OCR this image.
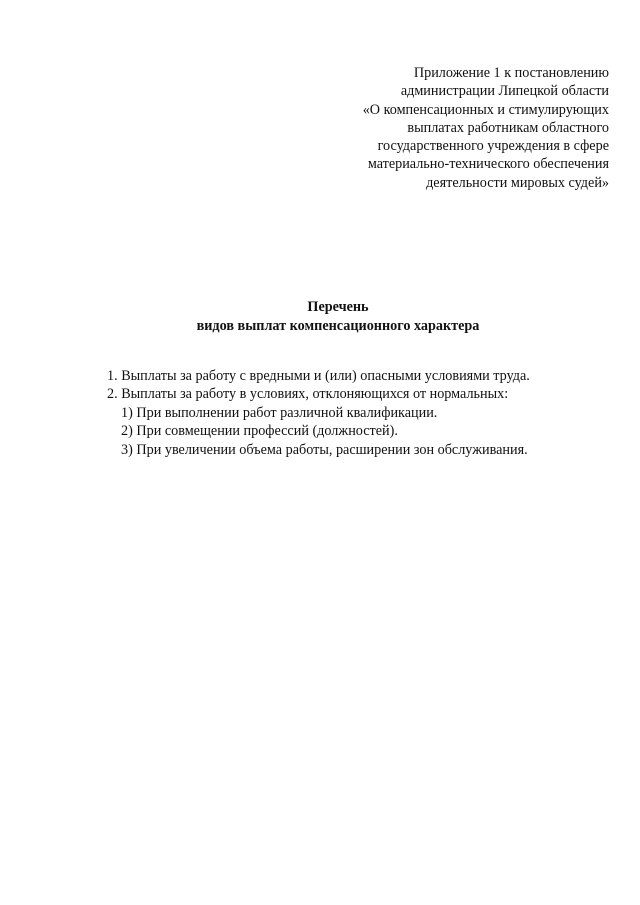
Приложение 1 к постановлению
администрации Липецкой области
«О компенсационных и стимулирующих
выплатах работникам областного
государственного учреждения в сфере
материально-технического обеспечения
деятельности мировых судей»
Перечень
видов выплат компенсационного характера
1. Выплаты за работу с вредными и (или) опасными условиями труда.
2. Выплаты за работу в условиях, отклоняющихся от нормальных:
1) При выполнении работ различной квалификации.
2) При совмещении профессий (должностей).
3) При увеличении объема работы, расширении зон обслуживания.
